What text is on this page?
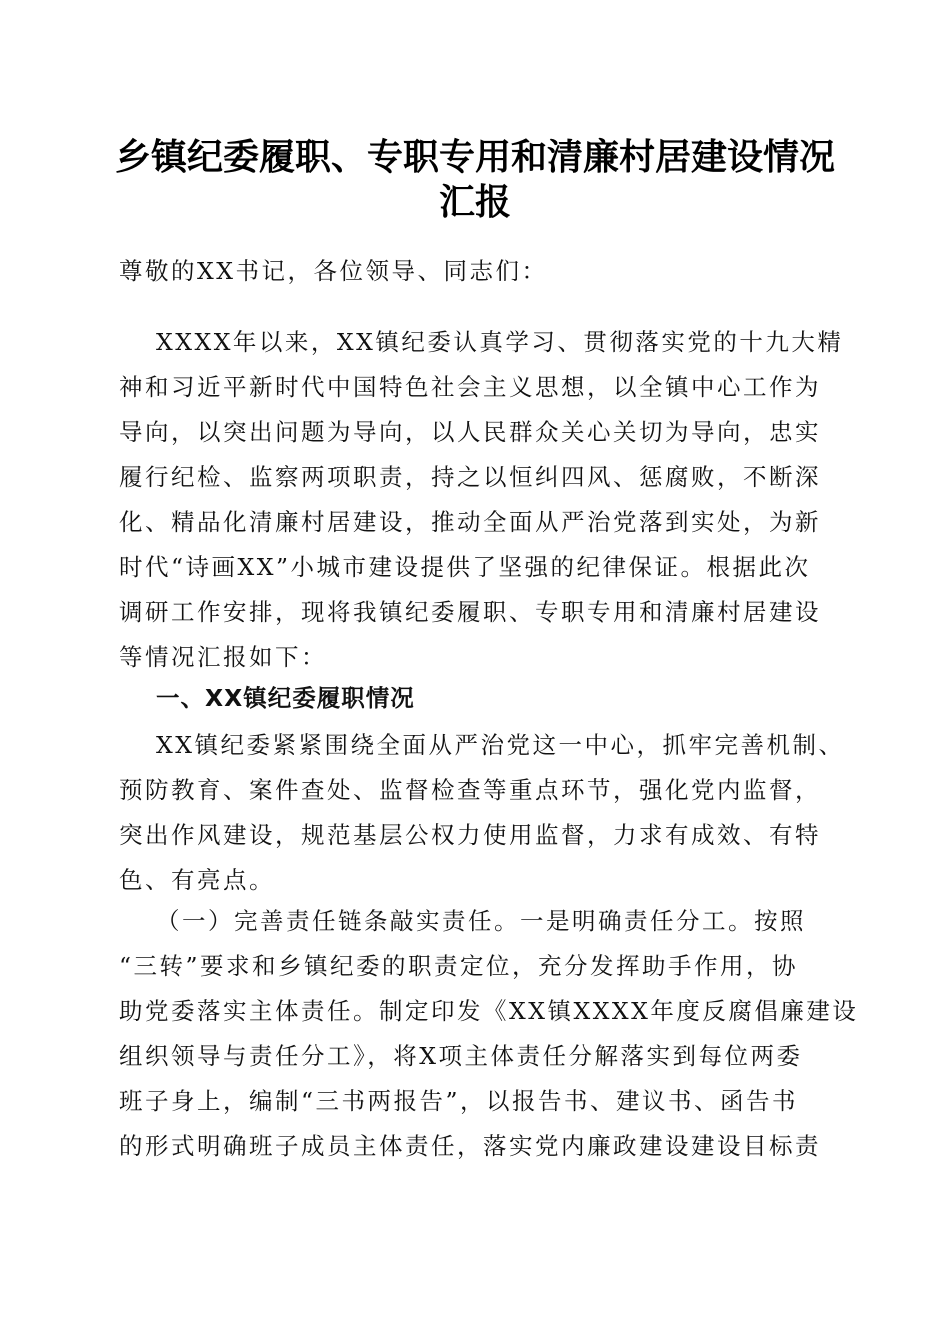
乡镇纪委履职、专职专用和清廉村居建设情况
汇报
尊敬的XX书记，各位领导、同志们：
XXXX年以来，XX镇纪委认真学习、贯彻落实党的十九大精
神和习近平新时代中国特色社会主义思想，以全镇中心工作为
导向，以突出问题为导向，以人民群众关心关切为导向，忠实
履行纪检、监察两项职责，持之以恒纠四风、惩腐败，不断深
化、精品化清廉村居建设，推动全面从严治党落到实处，为新
时代“诗画XX”小城市建设提供了坚强的纪律保证。根据此次
调研工作安排，现将我镇纪委履职、专职专用和清廉村居建设
等情况汇报如下：
一、XX镇纪委履职情况
XX镇纪委紧紧围绕全面从严治党这一中心，抓牢完善机制、
预防教育、案件查处、监督检查等重点环节，强化党内监督，
突出作风建设，规范基层公权力使用监督，力求有成效、有特
色、有亮点。
（一）完善责任链条敲实责任。一是明确责任分工。按照
“三转”要求和乡镇纪委的职责定位，充分发挥助手作用，协
助党委落实主体责任。制定印发《XX镇XXXX年度反腐倡廉建设
组织领导与责任分工》，将X项主体责任分解落实到每位两委
班子身上，编制“三书两报告”，以报告书、建议书、函告书
的形式明确班子成员主体责任，落实党内廉政建设建设目标责
